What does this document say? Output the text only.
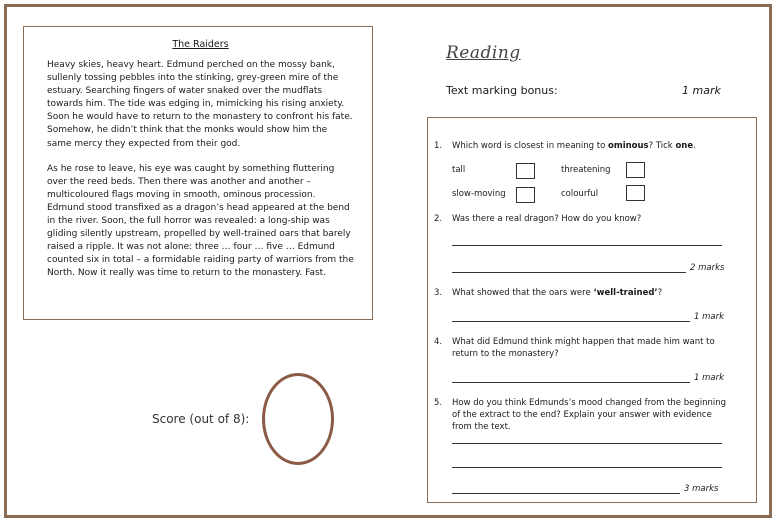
The Raiders

Heavy skies, heavy heart. Edmund perched on the mossy bank, sullenly tossing pebbles into the stinking, grey-green mire of the estuary. Searching fingers of water snaked over the mudflats towards him. The tide was edging in, mimicking his rising anxiety. Soon he would have to return to the monastery to confront his fate. Somehow, he didn’t think that the monks would show him the same mercy they expected from their god.

As he rose to leave, his eye was caught by something fluttering over the reed beds. Then there was another and another – multicoloured flags moving in smooth, ominous procession. Edmund stood transfixed as a dragon’s head appeared at the bend in the river. Soon, the full horror was revealed: a long-ship was gliding silently upstream, propelled by well-trained oars that barely raised a ripple. It was not alone: three … four … five … Edmund counted six in total – a formidable raiding party of warriors from the North. Now it really was time to return to the monastery. Fast.

Score (out of 8):
Reading
Text marking bonus:	1 mark
1. Which word is closest in meaning to ominous? Tick one.
tall	threatening
slow-moving	colourful
2. Was there a real dragon? How do you know?
2 marks
3. What showed that the oars were ‘well-trained’?
1 mark
4. What did Edmund think might happen that made him want to return to the monastery?
1 mark
5. How do you think Edmunds’s mood changed from the beginning of the extract to the end? Explain your answer with evidence from the text.
3 marks
